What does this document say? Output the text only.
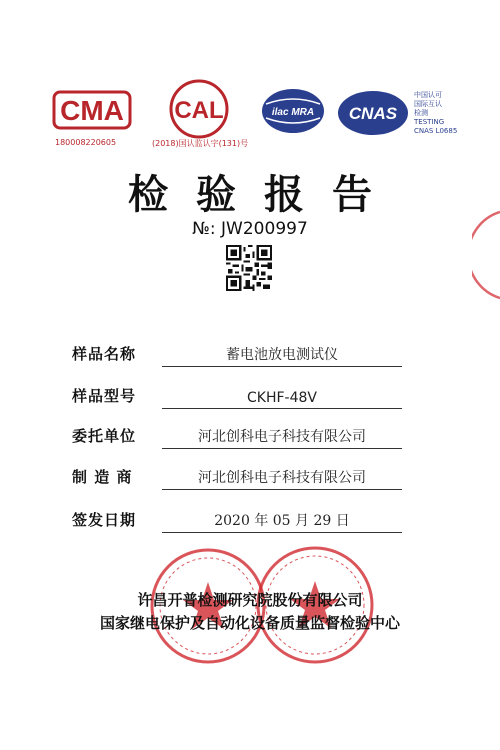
CMA
180008220605
CAL
(2018)国认监认字(131)号
ilac MRA CNAS
中国认可
国际互认
检测
TESTING
CNAS L0685
检验报告
№: JW200997
样品名称	蓄电池放电测试仪
样品型号	CKHF-48V
委托单位	河北创科电子科技有限公司
制 造 商	河北创科电子科技有限公司
签发日期	2020 年 05 月 29 日
许昌开普检测研究院股份有限公司
国家继电保护及自动化设备质量监督检验中心
